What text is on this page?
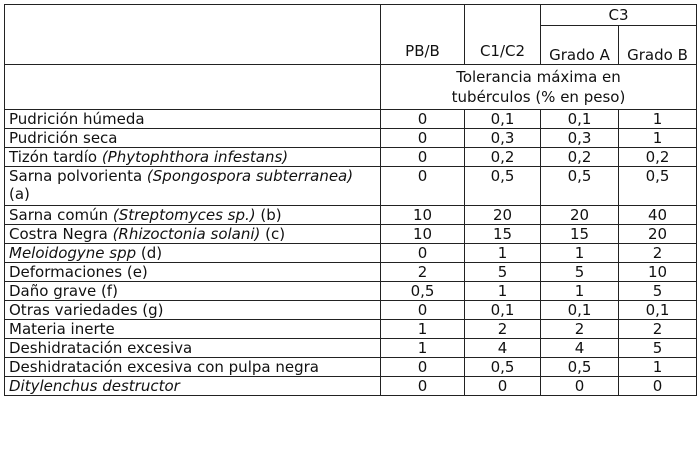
	PB/B	C1/C2	C3	
			Grado A	Grado B

	Tolerancia máxima en
tubérculos (% en peso)			

Pudrición húmeda	0	0,1	0,1	1
Pudrición seca	0	0,3	0,3	1
Tizón tardío (Phytophthora infestans)	0	0,2	0,2	0,2
Sarna polvorienta (Spongospora subterranea) (a)	0	0,5	0,5	0,5
Sarna común (Streptomyces sp.) (b)	10	20	20	40
Costra Negra (Rhizoctonia solani) (c)	10	15	15	20
Meloidogyne spp (d)	0	1	1	2
Deformaciones (e)	2	5	5	10
Daño grave (f)	0,5	1	1	5
Otras variedades (g)	0	0,1	0,1	0,1
Materia inerte	1	2	2	2
Deshidratación excesiva	1	4	4	5
Deshidratación excesiva con pulpa negra	0	0,5	0,5	1
Ditylenchus destructor	0	0	0	0
